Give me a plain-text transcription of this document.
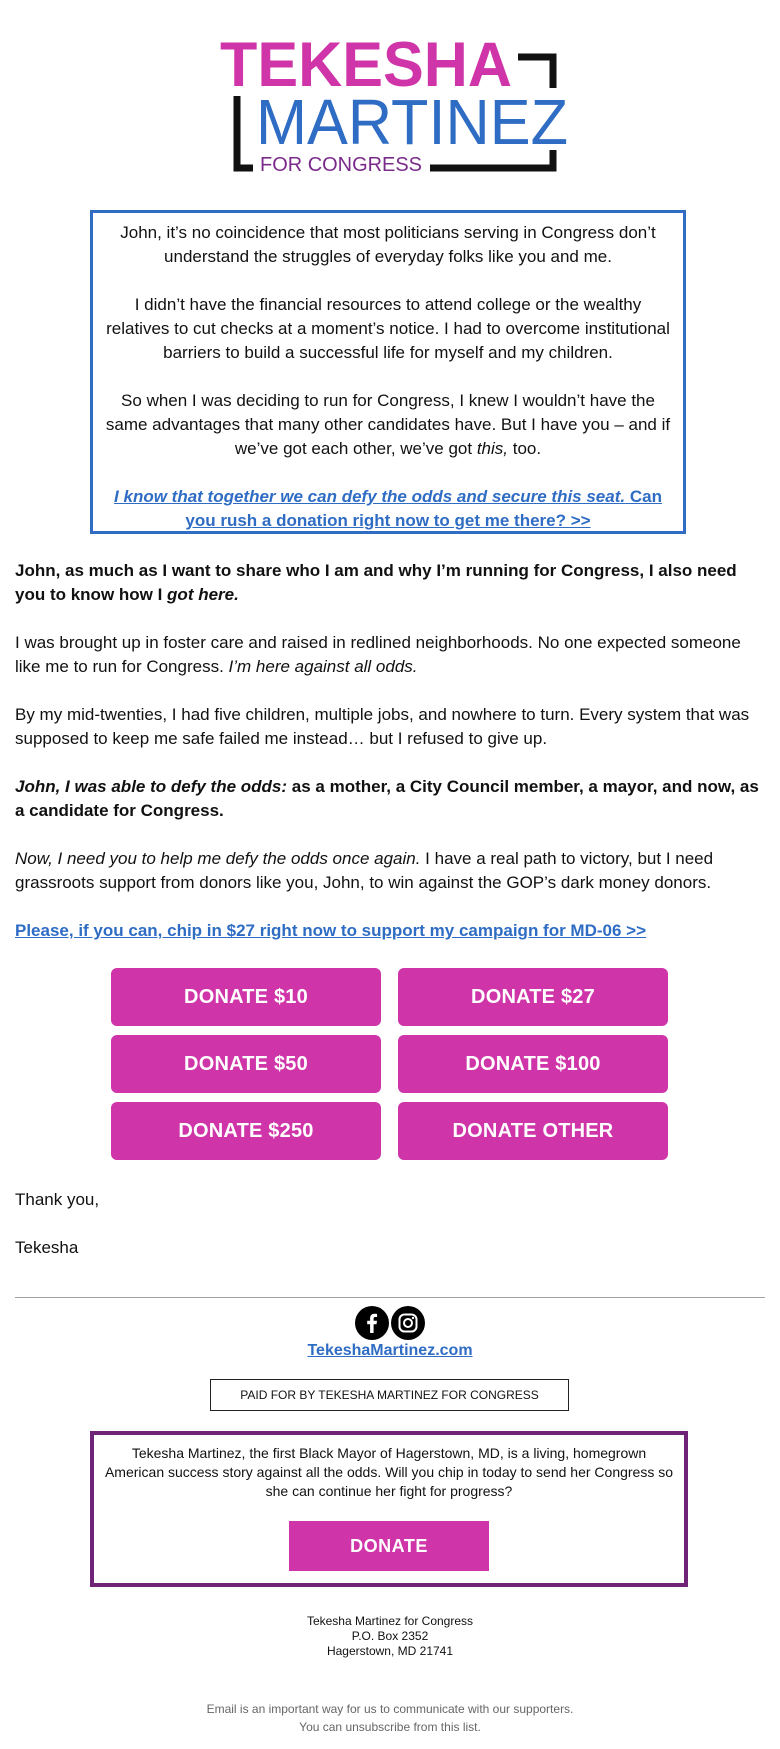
TEKESHA
MARTINEZ
FOR CONGRESS

John, it’s no coincidence that most politicians serving in Congress don’t understand the struggles of everyday folks like you and me.

I didn’t have the financial resources to attend college or the wealthy relatives to cut checks at a moment’s notice. I had to overcome institutional barriers to build a successful life for myself and my children.

So when I was deciding to run for Congress, I knew I wouldn’t have the same advantages that many other candidates have. But I have you – and if we’ve got each other, we’ve got this, too.

I know that together we can defy the odds and secure this seat. Can you rush a donation right now to get me there? >>

John, as much as I want to share who I am and why I’m running for Congress, I also need you to know how I got here.

I was brought up in foster care and raised in redlined neighborhoods. No one expected someone like me to run for Congress. I’m here against all odds.

By my mid-twenties, I had five children, multiple jobs, and nowhere to turn. Every system that was supposed to keep me safe failed me instead… but I refused to give up.

John, I was able to defy the odds: as a mother, a City Council member, a mayor, and now, as a candidate for Congress.

Now, I need you to help me defy the odds once again. I have a real path to victory, but I need grassroots support from donors like you, John, to win against the GOP’s dark money donors.

Please, if you can, chip in $27 right now to support my campaign for MD-06 >>

DONATE $10	DONATE $27
DONATE $50	DONATE $100
DONATE $250	DONATE OTHER

Thank you,

Tekesha

TekeshaMartinez.com
PAID FOR BY TEKESHA MARTINEZ FOR CONGRESS
Tekesha Martinez, the first Black Mayor of Hagerstown, MD, is a living, homegrown American success story against all the odds. Will you chip in today to send her Congress so she can continue her fight for progress?
DONATE
Tekesha Martinez for Congress
P.O. Box 2352
Hagerstown, MD 21741
Email is an important way for us to communicate with our supporters.
You can unsubscribe from this list.
